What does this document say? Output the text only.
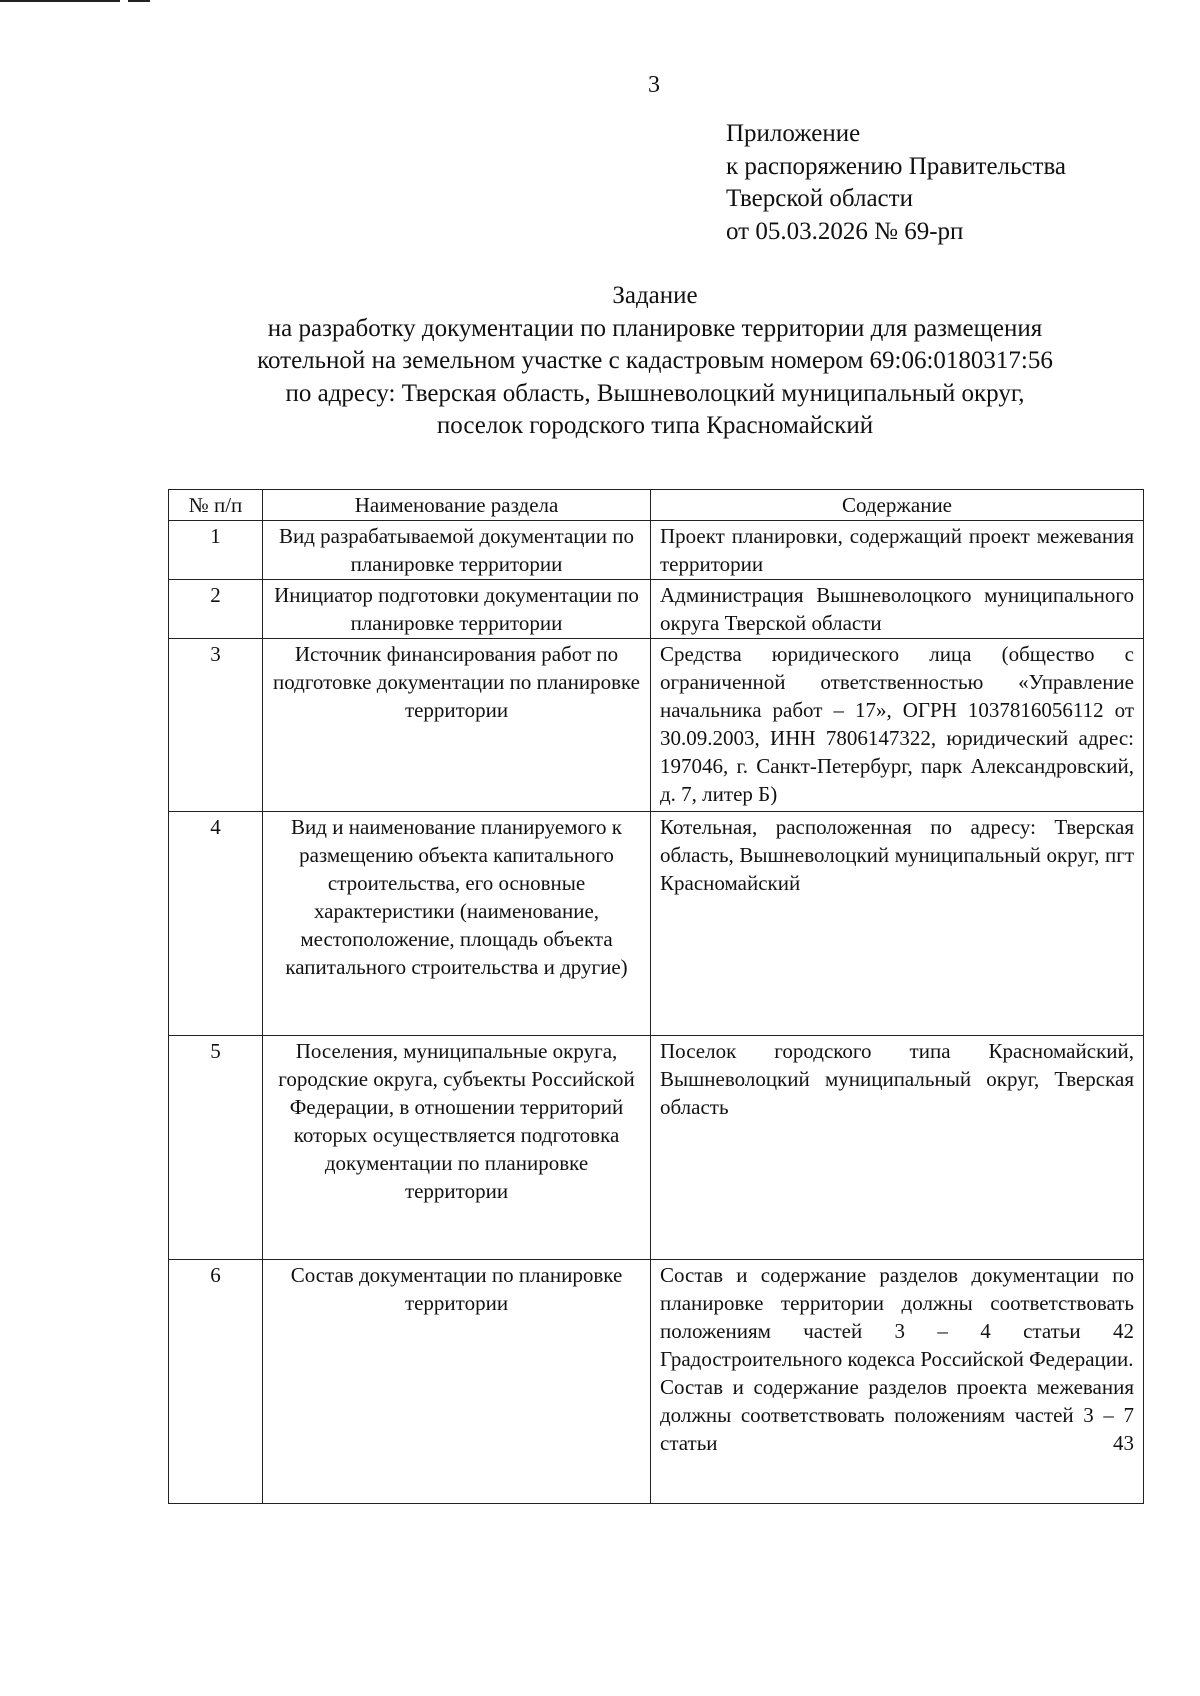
3
Приложение
к распоряжению Правительства
Тверской области
от 05.03.2026 № 69-рп
Задание
на разработку документации по планировке территории для размещения
котельной на земельном участке с кадастровым номером 69:06:0180317:56
по адресу: Тверская область, Вышневолоцкий муниципальный округ,
поселок городского типа Красномайский
№ п/п	Наименование раздела	Содержание
1	Вид разрабатываемой документации по планировке территории	Проект планировки, содержащий проект межевания территории
2	Инициатор подготовки документации по планировке территории	Администрация Вышневолоцкого муниципального округа Тверской области
3	Источник финансирования работ по подготовке документации по планировке территории	Средства юридического лица (общество с ограниченной ответственностью «Управление начальника работ – 17», ОГРН 1037816056112 от 30.09.2003, ИНН 7806147322, юридический адрес: 197046, г. Санкт-Петербург, парк Александровский, д. 7, литер Б)
4	Вид и наименование планируемого к размещению объекта капитального строительства, его основные характеристики (наименование, местоположение, площадь объекта капитального строительства и другие)	Котельная, расположенная по адресу: Тверская область, Вышневолоцкий муниципальный округ, пгт Красномайский
5	Поселения, муниципальные округа, городские округа, субъекты Российской Федерации, в отношении территорий которых осуществляется подготовка документации по планировке территории	Поселок городского типа Красномайский, Вышневолоцкий муниципальный округ, Тверская область
6	Состав документации по планировке территории	Состав и содержание разделов документации по планировке территории должны соответствовать положениям частей 3 – 4 статьи 42 Градостроительного кодекса Российской Федерации.
Состав и содержание разделов проекта межевания должны соответствовать положениям частей 3 – 7 статьи 43
